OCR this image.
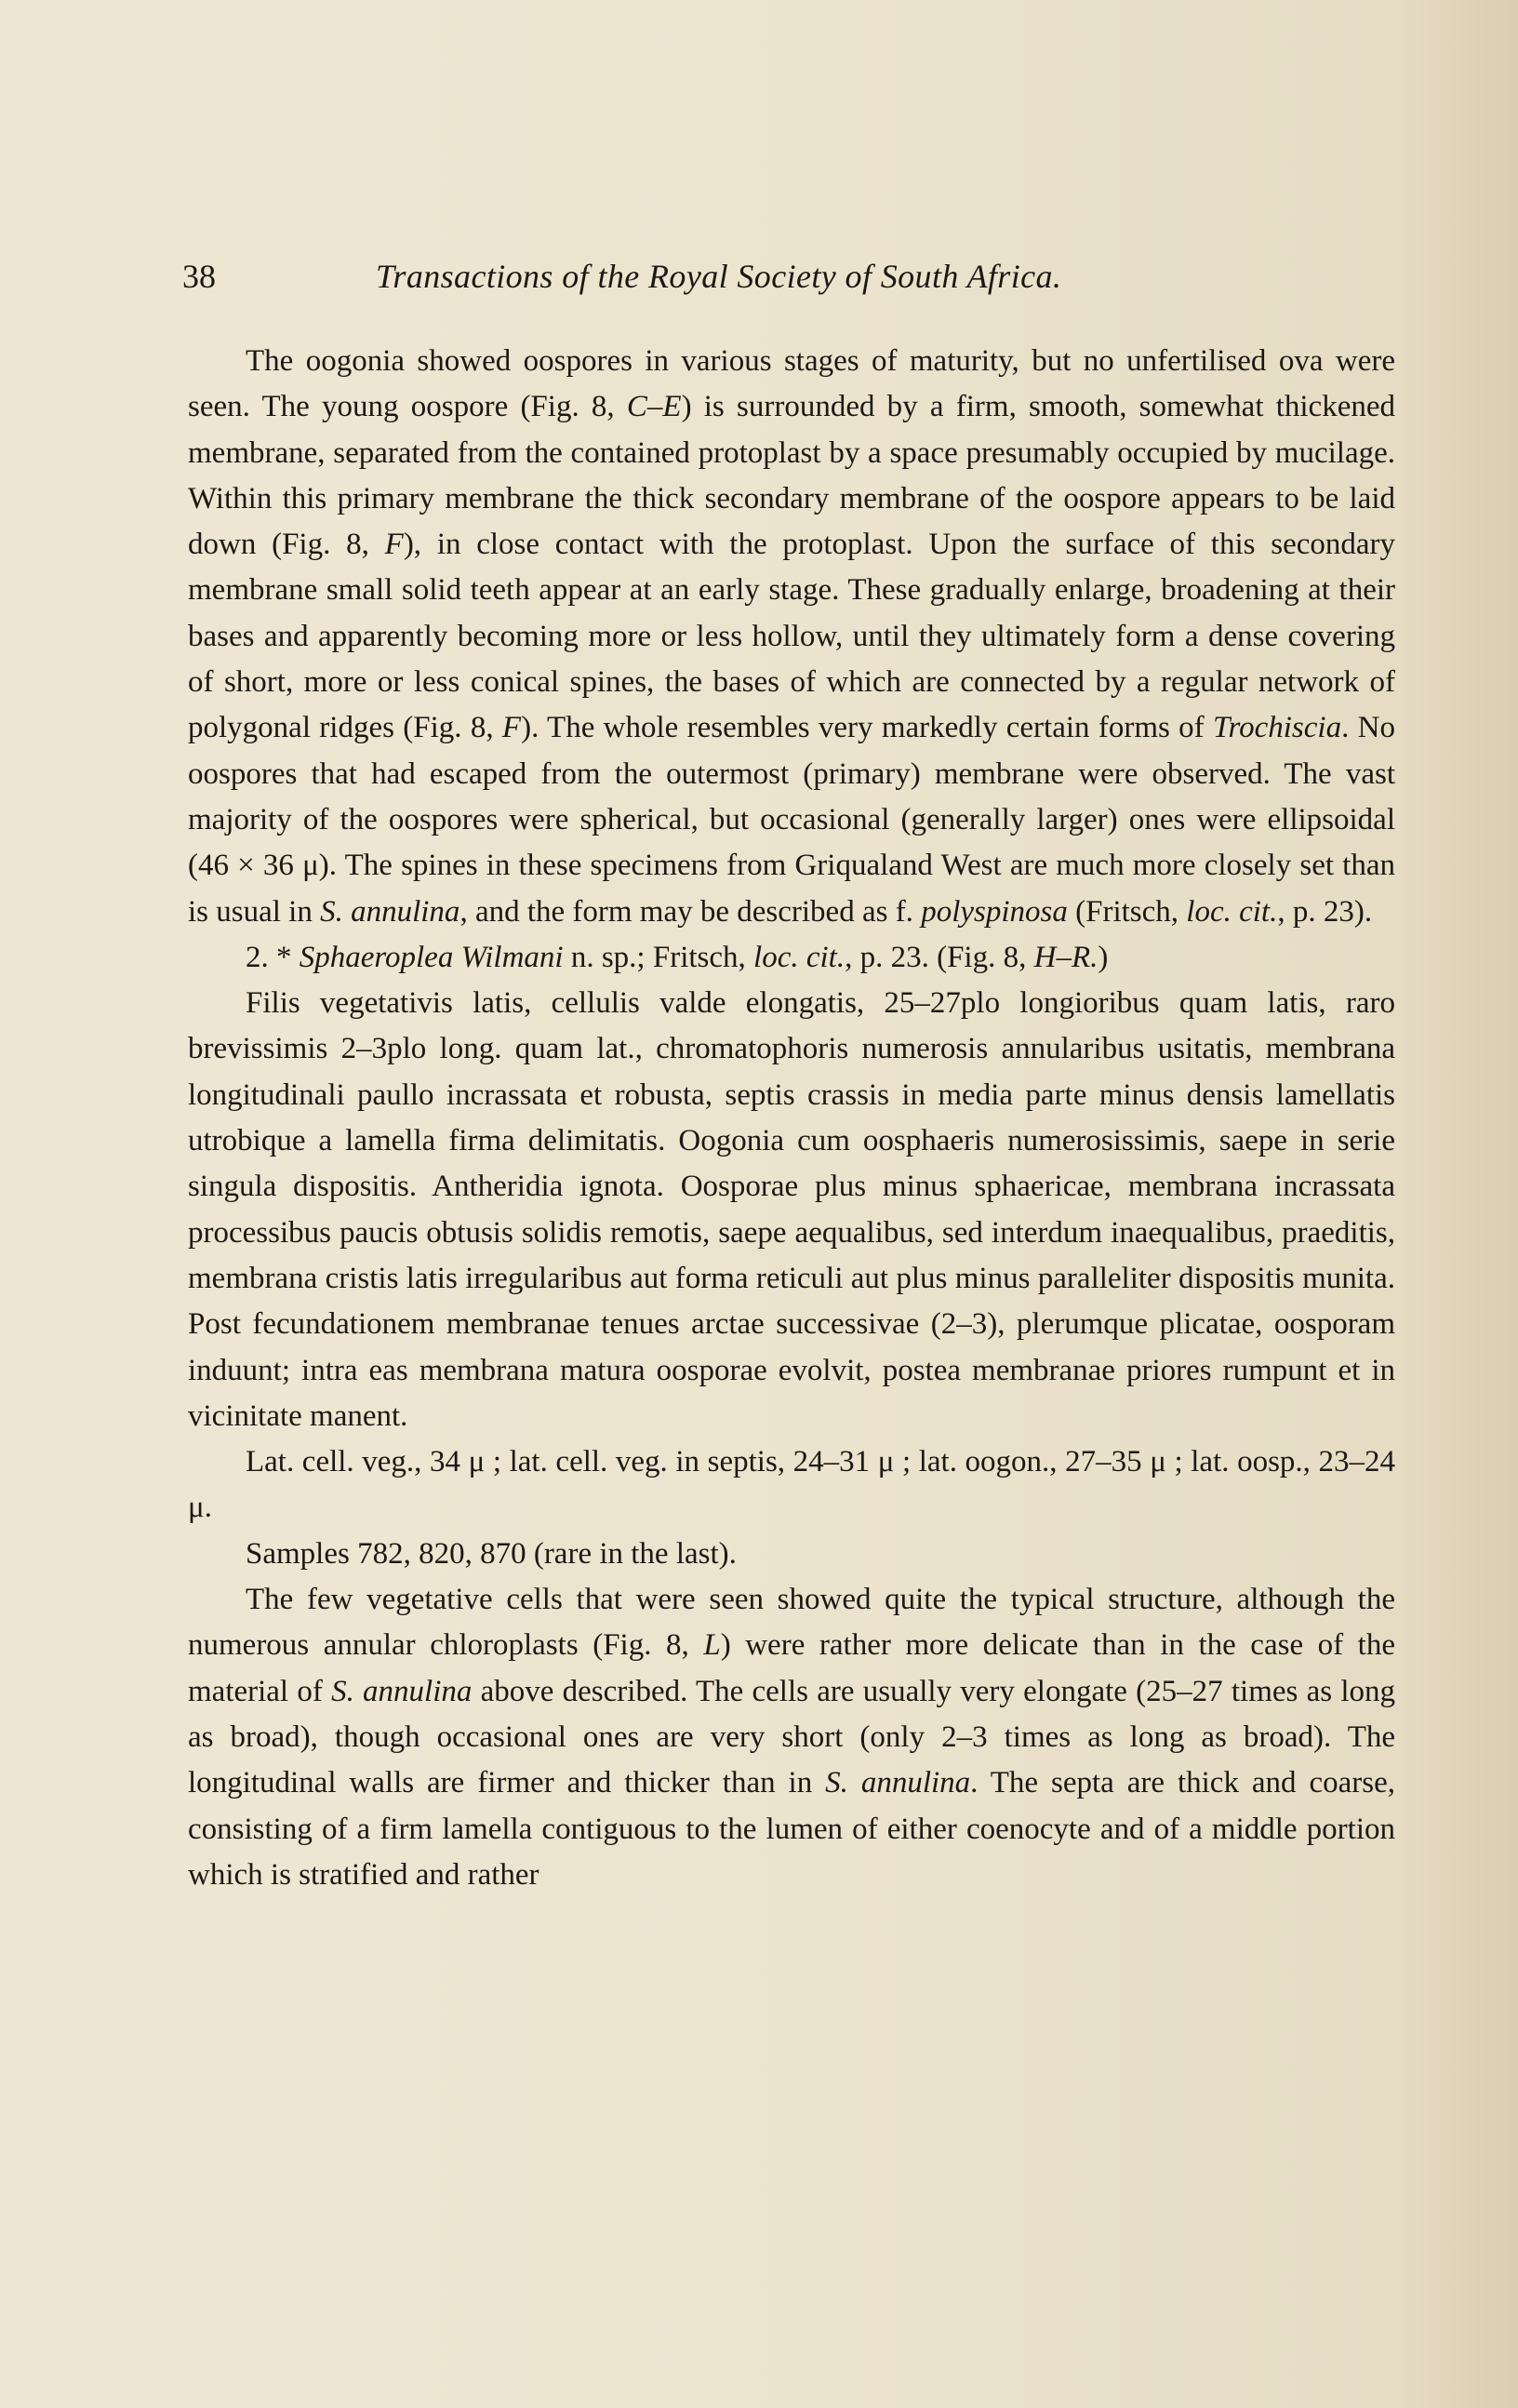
38	Transactions of the Royal Society of South Africa.

The oogonia showed oospores in various stages of maturity, but no unfertilised ova were seen. The young oospore (Fig. 8, C–E) is surrounded by a firm, smooth, somewhat thickened membrane, separated from the contained protoplast by a space presumably occupied by mucilage. Within this primary membrane the thick secondary membrane of the oospore appears to be laid down (Fig. 8, F), in close contact with the protoplast. Upon the surface of this secondary membrane small solid teeth appear at an early stage. These gradually enlarge, broadening at their bases and apparently becoming more or less hollow, until they ultimately form a dense covering of short, more or less conical spines, the bases of which are connected by a regular network of polygonal ridges (Fig. 8, F). The whole resembles very markedly certain forms of Trochiscia. No oospores that had escaped from the outermost (primary) membrane were observed. The vast majority of the oospores were spherical, but occasional (generally larger) ones were ellipsoidal (46 × 36 μ). The spines in these specimens from Griqualand West are much more closely set than is usual in S. annulina, and the form may be described as f. polyspinosa (Fritsch, loc. cit., p. 23).

2. * Sphaeroplea Wilmani n. sp.; Fritsch, loc. cit., p. 23. (Fig. 8, H–R.)

Filis vegetativis latis, cellulis valde elongatis, 25–27plo longioribus quam latis, raro brevissimis 2–3plo long. quam lat., chromatophoris numerosis annularibus usitatis, membrana longitudinali paullo incrassata et robusta, septis crassis in media parte minus densis lamellatis utrobique a lamella firma delimitatis. Oogonia cum oosphaeris numerosissimis, saepe in serie singula dispositis. Antheridia ignota. Oosporae plus minus sphaericae, membrana incrassata processibus paucis obtusis solidis remotis, saepe aequalibus, sed interdum inaequalibus, praeditis, membrana cristis latis irregularibus aut forma reticuli aut plus minus paralleliter dispositis munita. Post fecundationem membranae tenues arctae successivae (2–3), plerumque plicatae, oosporam induunt; intra eas membrana matura oosporae evolvit, postea membranae priores rumpunt et in vicinitate manent.

Lat. cell. veg., 34 μ ; lat. cell. veg. in septis, 24–31 μ ; lat. oogon., 27–35 μ ; lat. oosp., 23–24 μ.

Samples 782, 820, 870 (rare in the last).

The few vegetative cells that were seen showed quite the typical structure, although the numerous annular chloroplasts (Fig. 8, L) were rather more delicate than in the case of the material of S. annulina above described. The cells are usually very elongate (25–27 times as long as broad), though occasional ones are very short (only 2–3 times as long as broad). The longitudinal walls are firmer and thicker than in S. annulina. The septa are thick and coarse, consisting of a firm lamella contiguous to the lumen of either coenocyte and of a middle portion which is stratified and rather
